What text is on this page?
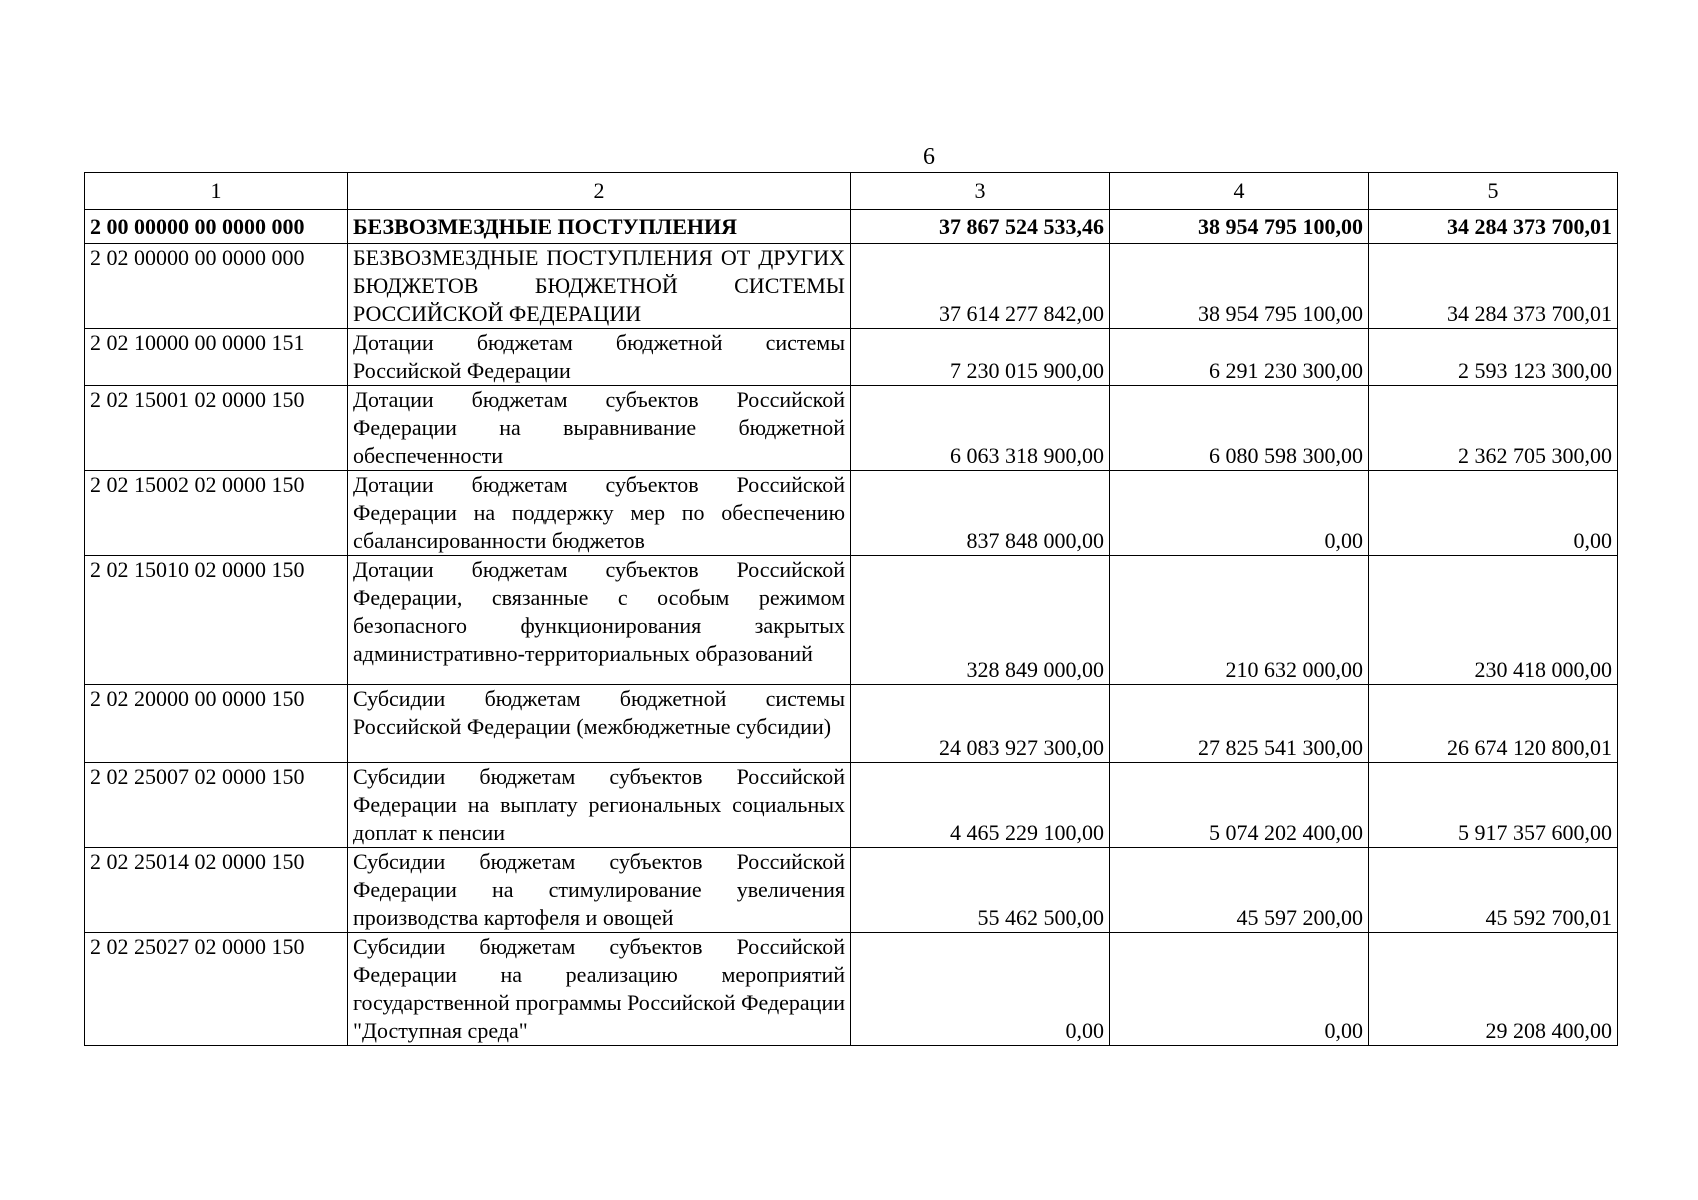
6
1	2	3	4	5
2 00 00000 00 0000 000	БЕЗВОЗМЕЗДНЫЕ ПОСТУПЛЕНИЯ	37 867 524 533,46	38 954 795 100,00	34 284 373 700,01
2 02 00000 00 0000 000	БЕЗВОЗМЕЗДНЫЕ ПОСТУПЛЕНИЯ ОТ ДРУГИХ БЮДЖЕТОВ БЮДЖЕТНОЙ СИСТЕМЫ РОССИЙСКОЙ ФЕДЕРАЦИИ	37 614 277 842,00	38 954 795 100,00	34 284 373 700,01
2 02 10000 00 0000 151	Дотации бюджетам бюджетной системы Российской Федерации	7 230 015 900,00	6 291 230 300,00	2 593 123 300,00
2 02 15001 02 0000 150	Дотации бюджетам субъектов Российской Федерации на выравнивание бюджетной обеспеченности	6 063 318 900,00	6 080 598 300,00	2 362 705 300,00
2 02 15002 02 0000 150	Дотации бюджетам субъектов Российской Федерации на поддержку мер по обеспечению сбалансированности бюджетов	837 848 000,00	0,00	0,00
2 02 15010 02 0000 150	Дотации бюджетам субъектов Российской Федерации, связанные с особым режимом безопасного функционирования закрытых административно-территориальных образований	328 849 000,00	210 632 000,00	230 418 000,00
2 02 20000 00 0000 150	Субсидии бюджетам бюджетной системы Российской Федерации (межбюджетные субсидии)	24 083 927 300,00	27 825 541 300,00	26 674 120 800,01
2 02 25007 02 0000 150	Субсидии бюджетам субъектов Российской Федерации на выплату региональных социальных доплат к пенсии	4 465 229 100,00	5 074 202 400,00	5 917 357 600,00
2 02 25014 02 0000 150	Субсидии бюджетам субъектов Российской Федерации на стимулирование увеличения производства картофеля и овощей	55 462 500,00	45 597 200,00	45 592 700,01
2 02 25027 02 0000 150	Субсидии бюджетам субъектов Российской Федерации на реализацию мероприятий государственной программы Российской Федерации "Доступная среда"	0,00	0,00	29 208 400,00
